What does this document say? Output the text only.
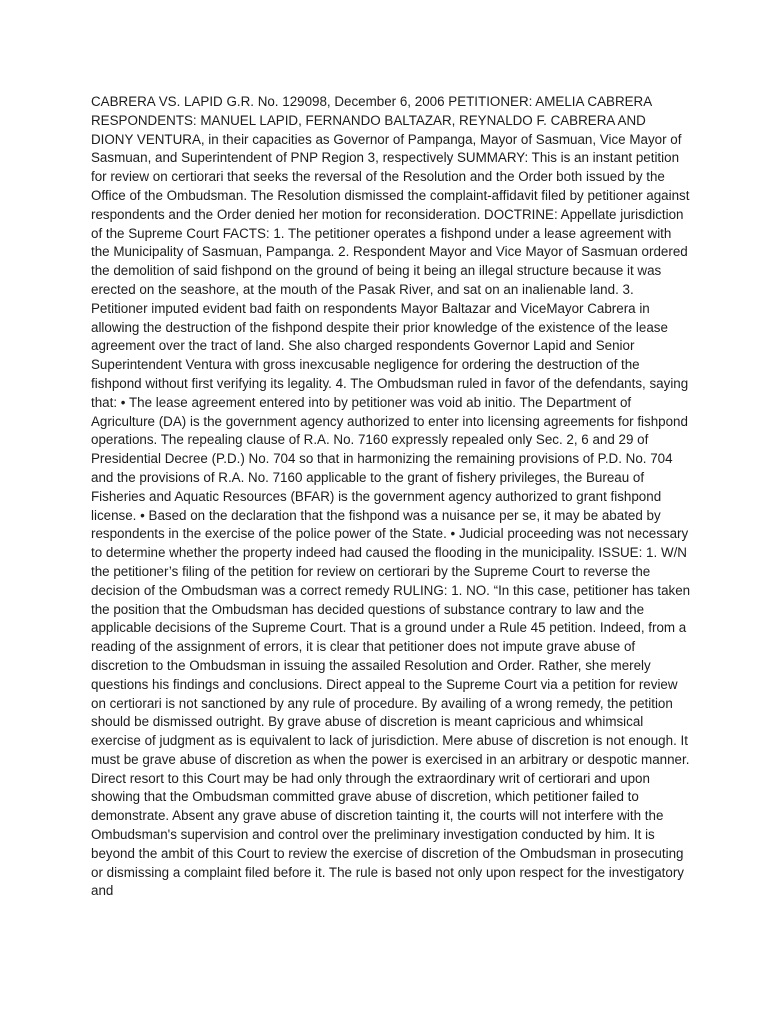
CABRERA VS. LAPID G.R. No. 129098, December 6, 2006 PETITIONER: AMELIA CABRERA RESPONDENTS: MANUEL LAPID, FERNANDO BALTAZAR, REYNALDO F. CABRERA AND DIONY VENTURA, in their capacities as Governor of Pampanga, Mayor of Sasmuan, Vice Mayor of Sasmuan, and Superintendent of PNP Region 3, respectively SUMMARY: This is an instant petition for review on certiorari that seeks the reversal of the Resolution and the Order both issued by the Office of the Ombudsman. The Resolution dismissed the complaint-affidavit filed by petitioner against respondents and the Order denied her motion for reconsideration. DOCTRINE: Appellate jurisdiction of the Supreme Court FACTS: 1. The petitioner operates a fishpond under a lease agreement with the Municipality of Sasmuan, Pampanga. 2. Respondent Mayor and Vice Mayor of Sasmuan ordered the demolition of said fishpond on the ground of being it being an illegal structure because it was erected on the seashore, at the mouth of the Pasak River, and sat on an inalienable land. 3. Petitioner imputed evident bad faith on respondents Mayor Baltazar and ViceMayor Cabrera in allowing the destruction of the fishpond despite their prior knowledge of the existence of the lease agreement over the tract of land. She also charged respondents Governor Lapid and Senior Superintendent Ventura with gross inexcusable negligence for ordering the destruction of the fishpond without first verifying its legality. 4. The Ombudsman ruled in favor of the defendants, saying that: • The lease agreement entered into by petitioner was void ab initio. The Department of Agriculture (DA) is the government agency authorized to enter into licensing agreements for fishpond operations. The repealing clause of R.A. No. 7160 expressly repealed only Sec. 2, 6 and 29 of Presidential Decree (P.D.) No. 704 so that in harmonizing the remaining provisions of P.D. No. 704 and the provisions of R.A. No. 7160 applicable to the grant of fishery privileges, the Bureau of Fisheries and Aquatic Resources (BFAR) is the government agency authorized to grant fishpond license. • Based on the declaration that the fishpond was a nuisance per se, it may be abated by respondents in the exercise of the police power of the State. • Judicial proceeding was not necessary to determine whether the property indeed had caused the flooding in the municipality. ISSUE: 1. W/N the petitioner’s filing of the petition for review on certiorari by the Supreme Court to reverse the decision of the Ombudsman was a correct remedy RULING: 1. NO. “In this case, petitioner has taken the position that the Ombudsman has decided questions of substance contrary to law and the applicable decisions of the Supreme Court. That is a ground under a Rule 45 petition. Indeed, from a reading of the assignment of errors, it is clear that petitioner does not impute grave abuse of discretion to the Ombudsman in issuing the assailed Resolution and Order. Rather, she merely questions his findings and conclusions. Direct appeal to the Supreme Court via a petition for review on certiorari is not sanctioned by any rule of procedure. By availing of a wrong remedy, the petition should be dismissed outright. By grave abuse of discretion is meant capricious and whimsical exercise of judgment as is equivalent to lack of jurisdiction. Mere abuse of discretion is not enough. It must be grave abuse of discretion as when the power is exercised in an arbitrary or despotic manner. Direct resort to this Court may be had only through the extraordinary writ of certiorari and upon showing that the Ombudsman committed grave abuse of discretion, which petitioner failed to demonstrate. Absent any grave abuse of discretion tainting it, the courts will not interfere with the Ombudsman's supervision and control over the preliminary investigation conducted by him. It is beyond the ambit of this Court to review the exercise of discretion of the Ombudsman in prosecuting or dismissing a complaint filed before it. The rule is based not only upon respect for the investigatory and
